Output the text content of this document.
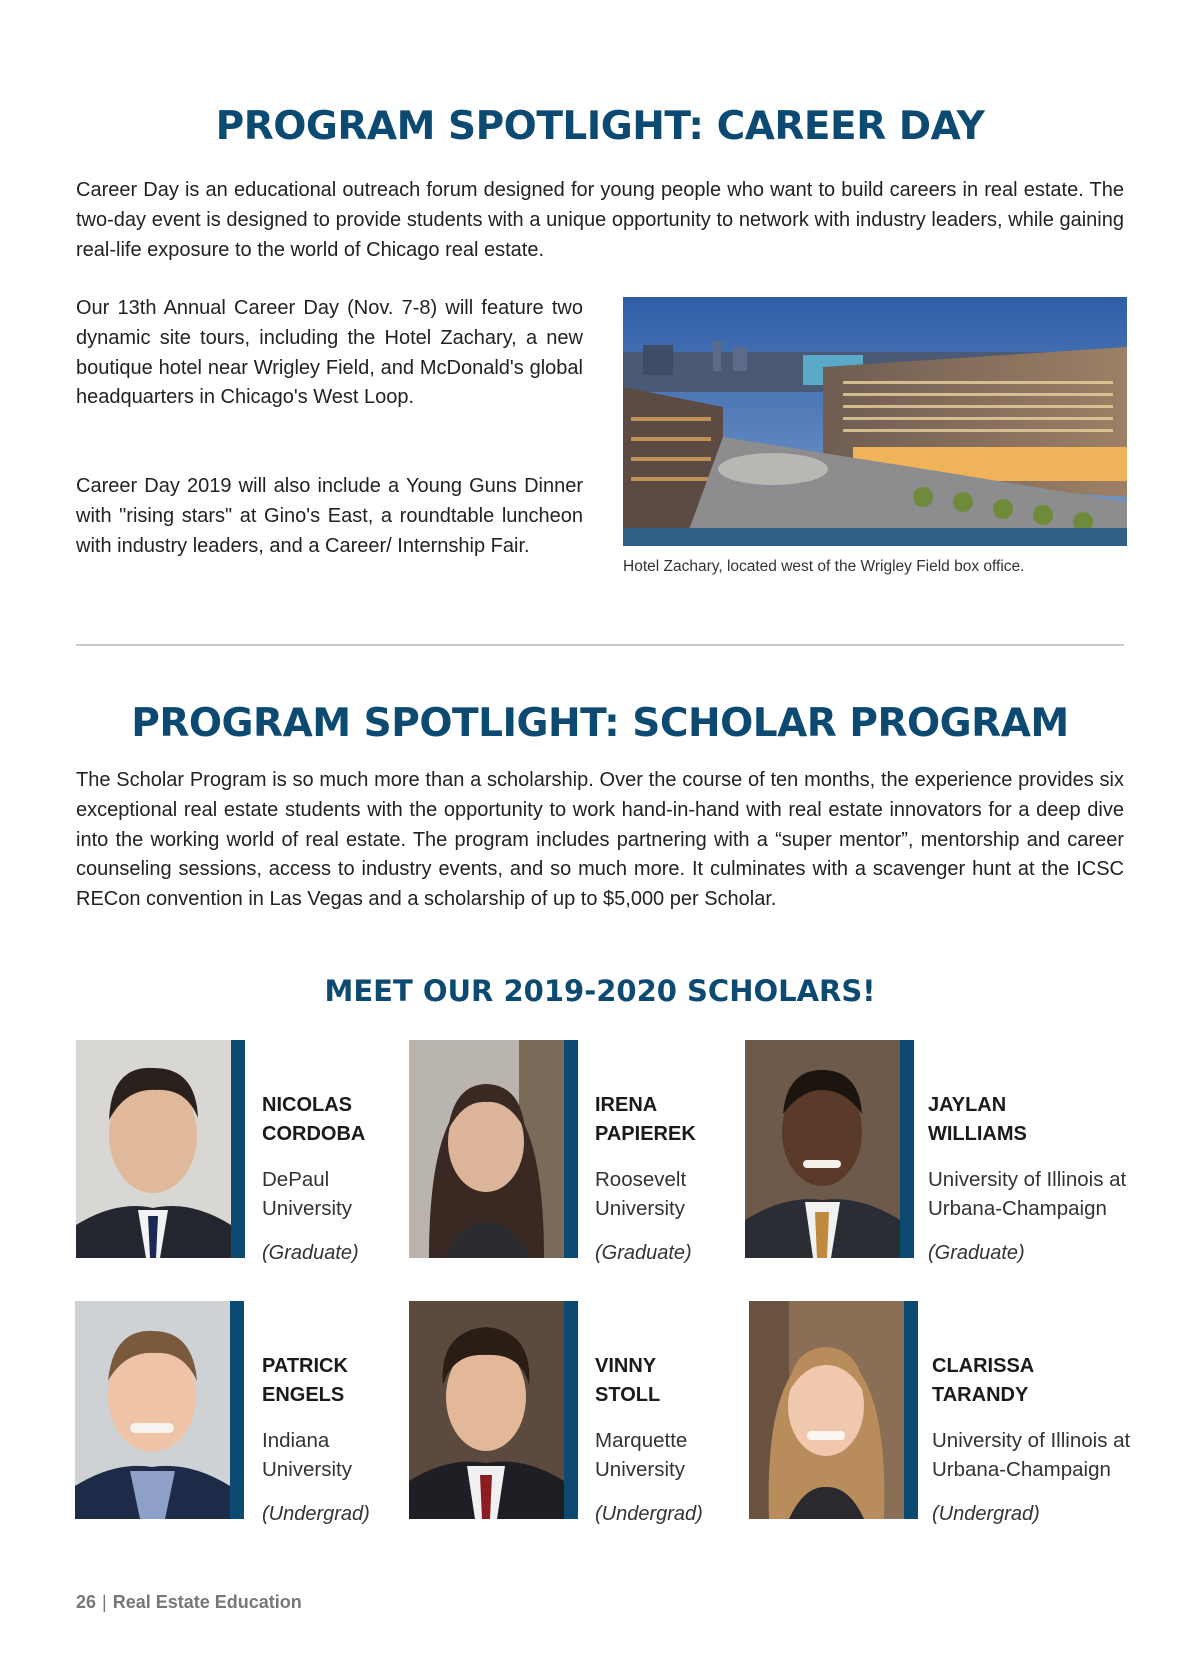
PROGRAM SPOTLIGHT: CAREER DAY

Career Day is an educational outreach forum designed for young people who want to build careers in real estate. The two-day event is designed to provide students with a unique opportunity to network with industry leaders, while gaining real-life exposure to the world of Chicago real estate.

Our 13th Annual Career Day (Nov. 7-8) will feature two dynamic site tours, including the Hotel Zachary, a new boutique hotel near Wrigley Field, and McDonald's global headquarters in Chicago's West Loop.

Career Day 2019 will also include a Young Guns Dinner with "rising stars" at Gino's East, a roundtable luncheon with industry leaders, and a Career/ Internship Fair.

Hotel Zachary, located west of the Wrigley Field box office.

PROGRAM SPOTLIGHT: SCHOLAR PROGRAM

The Scholar Program is so much more than a scholarship. Over the course of ten months, the experience provides six exceptional real estate students with the opportunity to work hand-in-hand with real estate innovators for a deep dive into the working world of real estate. The program includes partnering with a “super mentor”, mentorship and career counseling sessions, access to industry events, and so much more. It culminates with a scavenger hunt at the ICSC RECon convention in Las Vegas and a scholarship of up to $5,000 per Scholar.

MEET OUR 2019-2020 SCHOLARS!
NICOLAS
CORDOBA
DePaul
University
(Graduate)
IRENA
PAPIEREK
Roosevelt
University
(Graduate)
JAYLAN
WILLIAMS
University of Illinois at
Urbana-Champaign
(Graduate)
PATRICK
ENGELS
Indiana
University
(Undergrad)
VINNY
STOLL
Marquette
University
(Undergrad)
CLARISSA
TARANDY
University of Illinois at
Urbana-Champaign
(Undergrad)
26 | Real Estate Education
